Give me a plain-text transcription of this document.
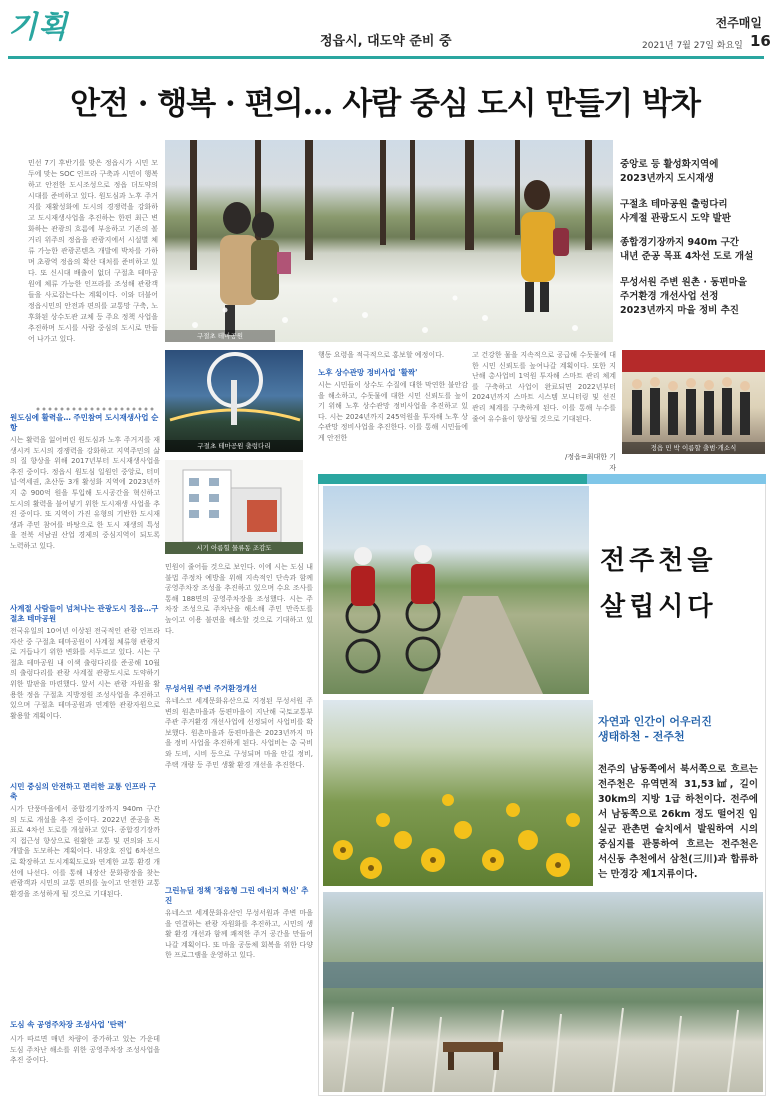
기획	정읍시, 대도약 준비 중
전주매일
2021년 7월 27일 화요일 16
안전 · 행복 · 편의… 사람 중심 도시 만들기 박차
민선 7기 후반기를 맞은 정읍시가 시민 모두에 맞는 SOC 인프라 구축과 시민이 행복하고 안전한 도시조성으로 정읍 더도약의 시대를 준비하고 있다. 원도심과 노후 주거지를 재활성화에 도시의 경쟁력을 강화하고 도시재생사업을 추진하는 한편 최근 변화하는 관광의 흐름에 부응하고 기존의 볼거리 위주의 정읍을 관광지에서 시설별 체류 가능한 관광콘텐츠 개발에 박차를 가하며 초광역 정읍의 확산 대처를 준비하고 있다. 또 신시대 배출이 없더 구절초 테마공원에 체류 가능한 인프라를 조성해 관광객들을 사로잡는다는 계획이다. 이와 더불어 정읍시민의 안전과 편의를 교통망 구축, 노후화된 상수도관 교체 등 주요 정책 사업을 추진하며 도시를 사람 중심의 도시로 만들어 나가고 있다.	구절초 테마공원
중앙로 등 활성화지역에
2023년까지 도시재생
구절초 테마공원 출렁다리
사계절 관광도시 도약 발판
종합경기장까지 940m 구간
내년 준공 목표 4차선 도로 개설
무성서원 주변 원촌 · 동편마을
주거환경 개선사업 선정
2023년까지 마을 정비 추진
구절초 테마공원 출렁다리
시기 아름힐 물류동 조감도
정읍 민 박 이름할 출범·개소식
원도심에 활력을… 주민참여 도시재생사업 순항
시는 활력을 잃어버린 원도심과 노후 주거지를 재생시켜 도시의 경쟁력을 강화하고 지역주민의 삶의 질 향상을 위해 2017년부터 도시재생사업을 추진 중이다. 정읍시 원도심 일원인 중앙로, 터미널·역세권, 초산동 3개 활성화 지역에 2023년까지 총 900억 원을 투입해 도시공간을 혁신하고 도시의 활력을 불어넣기 위한 도시재생 사업을 추진 중이다. 또 지역이 가진 유형의 기반한 도시재생과 주민 참여를 바탕으로 한 도시 재생의 특성을 전북 서남권 산업 경제의 중심지역이 되도록 노력하고 있다.
사계절 사람들이 넘쳐나는 관광도시 정읍…구절초 테마공원
전국유일의 10여년 이상된 전국적인 관광 인프라 자산 중 구절초 테마공원이 사계절 체류형 관광지로 거듭나기 위한 변화를 서두르고 있다. 시는 구절초 테마공원 내 이색 출렁다리를 준공해 10월의 출렁다리를 관광 사계절 관광도시로 도약하기 위한 발판을 마련했다. 앞서 시는 관광 자원을 활용한 정읍 구절초 지방정원 조성사업을 추진하고 있으며 구절초 테마공원과 연계한 관광자원으로 활용할 계획이다.
시민 중심의 안전하고 편리한 교통 인프라 구축
시가 단풍마을에서 종합경기장까지 940m 구간의 도로 개설을 추진 중이다. 2022년 준공을 목표로 4차선 도로를 개설하고 있다. 종합경기장까지 접근성 향상으로 원활한 교통 및 편의와 도시개발을 도모하는 계획이다. 내장호 진입 6차선으로 확장하고 도시계획도로와 연계한 교통 환경 개선에 나선다. 이를 통해 내장산 문화광장을 찾는 관광객과 시민의 교통 편의를 높이고 안전한 교통 환경을 조성하게 될 것으로 기대된다.
도심 속 공영주차장 조성사업 '탄력'
시가 따르면 매년 차량이 증가하고 있는 가운데 도심 주차난 해소를 위한 공영주차장 조성사업을 추진 중이다.
행동 요령을 적극적으로 홍보할 예정이다.
노후 상수관망 정비사업 '활짝'
시는 시민들이 상수도 수질에 대한 막연한 불안감을 해소하고, 수돗물에 대한 시민 신뢰도를 높이기 위해 노후 상수관망 정비사업을 추진하고 있다. 시는 2024년까지 245억원을 투자해 노후 상수관망 정비사업을 추진한다. 이를 통해 시민들에게 안전한
민원이 줄어들 것으로 보인다. 이에 시는 도심 내 불법 주정차 예방을 위해 지속적인 단속과 함께 공영주차장 조성을 추진하고 있으며 수요 조사를 통해 188면의 공영주차장을 조성했다. 시는 주차장 조성으로 주차난을 해소해 주민 만족도를 높이고 이용 불편을 해소할 것으로 기대하고 있다.
무성서원 주변 주거환경개선
유네스코 세계문화유산으로 지정된 무성서원 주변의 원촌마을과 동편마을이 지난해 국토교통부 주관 주거환경 개선사업에 선정되어 사업비를 확보했다. 원촌마을과 동편마을은 2023년까지 마을 정비 사업을 추진하게 된다. 사업비는 총 국비와 도비, 시비 등으로 구성되며 마을 안길 정비, 주택 개량 등 주민 생활 환경 개선을 추진한다.
그린뉴딜 정책 '정읍형 그린 에너지 혁신' 추진
유네스코 세계문화유산인 무성서원과 주변 마을을 연결하는 관광 자원화를 추진하고, 시민의 생활 환경 개선과 함께 쾌적한 주거 공간을 만들어 나갈 계획이다. 또 마을 공동체 회복을 위한 다양한 프로그램을 운영하고 있다.
고 건강한 물을 지속적으로 공급해 수돗물에 대한 시민 신뢰도를 높여나갈 계획이다. 또한 지난해 총사업비 1억원 투자해 스마트 관리 체계를 구축하고 사업이 완료되면 2022년부터 2024년까지 스마트 시스템 모니터링 및 선진 관리 체계를 구축하게 된다. 이를 통해 누수를 줄여 유수율이 향상될 것으로 기대된다.
/정읍=최대한 기자
전주천을
살립시다
자연과 인간이 어우러진
생태하천 - 전주천
전주의 남동쪽에서 북서쪽으로 흐르는 전주천은 유역면적 31,53㎢, 길이 30km의 지방 1급 하천이다. 전주에서 남동쪽으로 26km 정도 떨어진 임실군 관촌면 슬치에서 발원하여 시의 중심지를 관통하여 흐르는 전주천은 서신동 추천에서 삼천(三川)과 합류하는 만경강 제1지류이다.
